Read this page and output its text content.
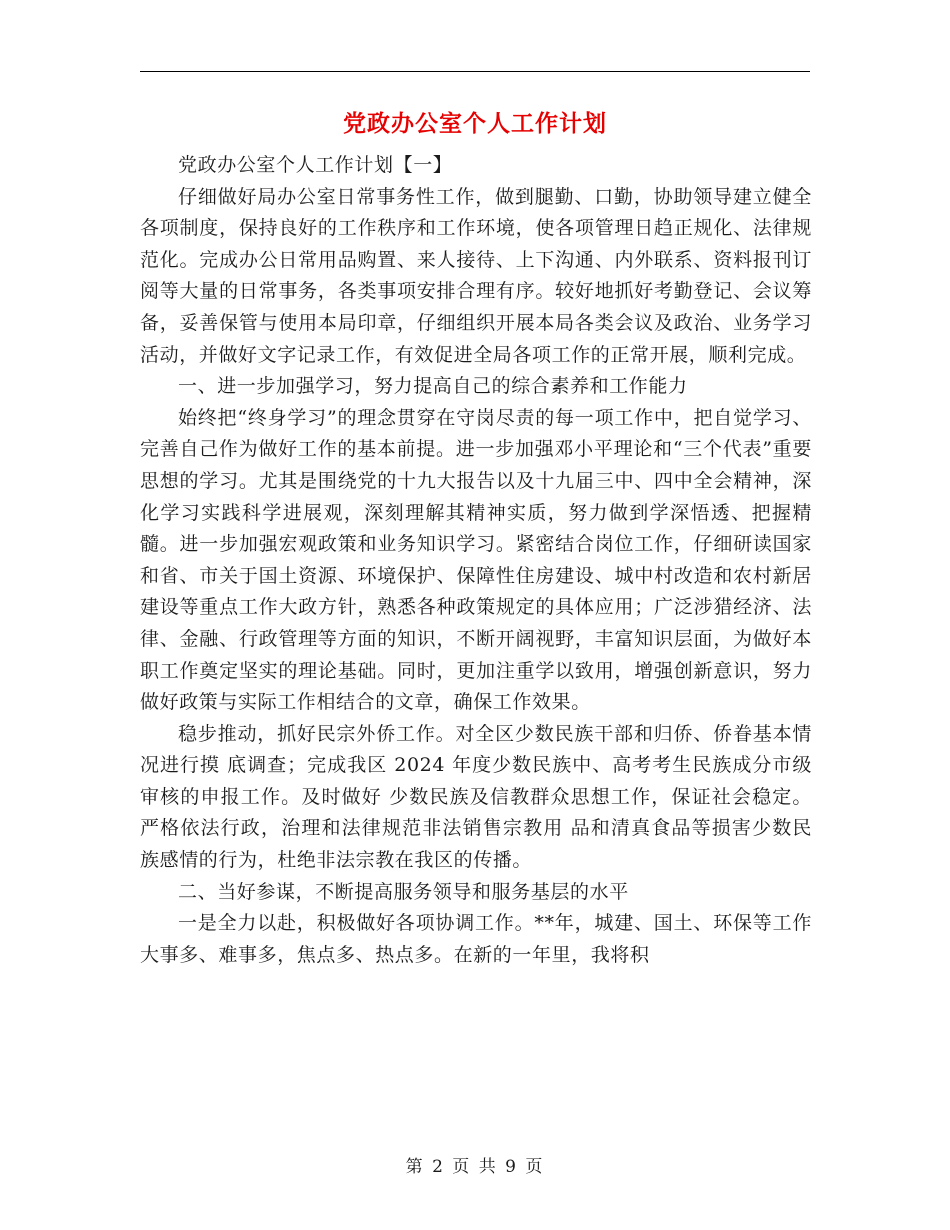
党政办公室个人工作计划

党政办公室个人工作计划【一】

仔细做好局办公室日常事务性工作，做到腿勤、口勤，协助领导建立健全各项制度，保持良好的工作秩序和工作环境，使各项管理日趋正规化、法律规范化。完成办公日常用品购置、来人接待、上下沟通、内外联系、资料报刊订阅等大量的日常事务，各类事项安排合理有序。较好地抓好考勤登记、会议筹备，妥善保管与使用本局印章，仔细组织开展本局各类会议及政治、业务学习活动，并做好文字记录工作，有效促进全局各项工作的正常开展，顺利完成。

一、进一步加强学习，努力提高自己的综合素养和工作能力

始终把“终身学习”的理念贯穿在守岗尽责的每一项工作中，把自觉学习、完善自己作为做好工作的基本前提。进一步加强邓小平理论和“三个代表”重要思想的学习。尤其是围绕党的十九大报告以及十九届三中、四中全会精神，深化学习实践科学进展观，深刻理解其精神实质，努力做到学深悟透、把握精髓。进一步加强宏观政策和业务知识学习。紧密结合岗位工作，仔细研读国家和省、市关于国土资源、环境保护、保障性住房建设、城中村改造和农村新居建设等重点工作大政方针，熟悉各种政策规定的具体应用；广泛涉猎经济、法律、金融、行政管理等方面的知识，不断开阔视野，丰富知识层面，为做好本职工作奠定坚实的理论基础。同时，更加注重学以致用，增强创新意识，努力做好政策与实际工作相结合的文章，确保工作效果。

稳步推动，抓好民宗外侨工作。对全区少数民族干部和归侨、侨眷基本情况进行摸 底调查；完成我区 2024 年度少数民族中、高考考生民族成分市级审核的申报工作。及时做好 少数民族及信教群众思想工作，保证社会稳定。严格依法行政，治理和法律规范非法销售宗教用 品和清真食品等损害少数民族感情的行为，杜绝非法宗教在我区的传播。

二、当好参谋，不断提高服务领导和服务基层的水平

一是全力以赴，积极做好各项协调工作。**年，城建、国土、环保等工作大事多、难事多，焦点多、热点多。在新的一年里，我将积

第 2 页 共 9 页
